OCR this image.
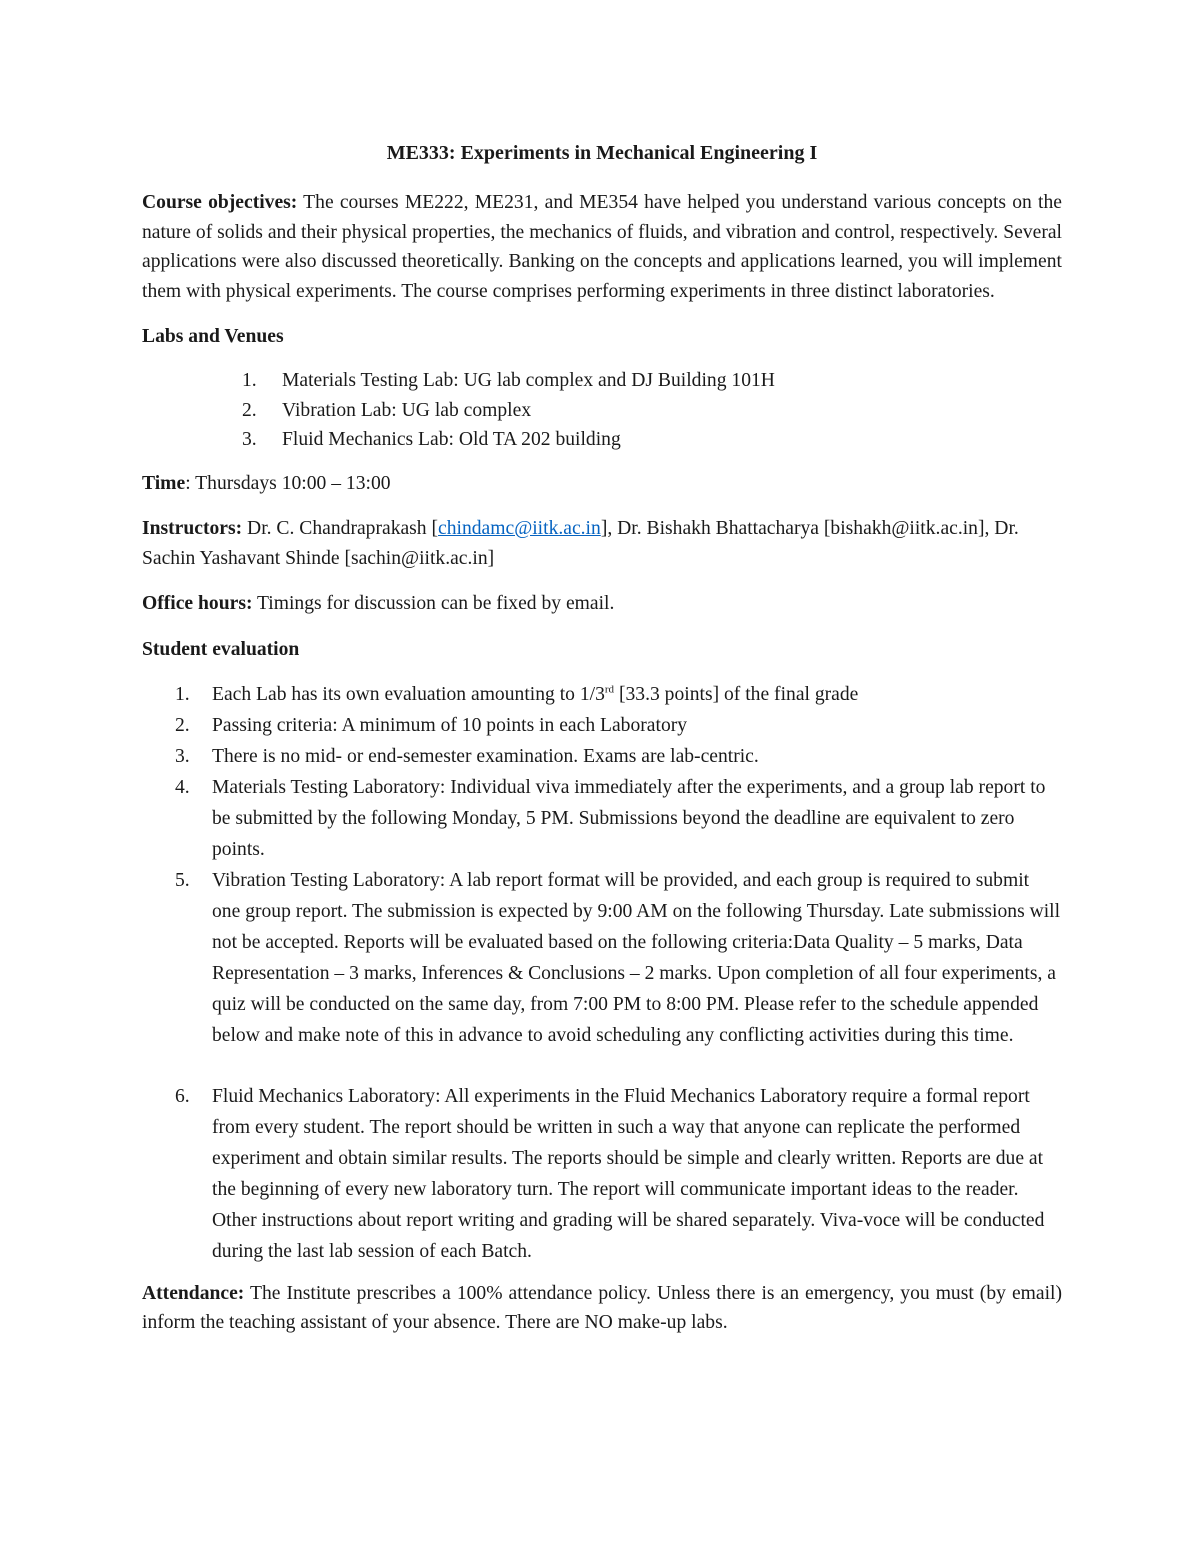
ME333: Experiments in Mechanical Engineering I

Course objectives: The courses ME222, ME231, and ME354 have helped you understand various concepts on the nature of solids and their physical properties, the mechanics of fluids, and vibration and control, respectively. Several applications were also discussed theoretically. Banking on the concepts and applications learned, you will implement them with physical experiments. The course comprises performing experiments in three distinct laboratories.

Labs and Venues
1. Materials Testing Lab: UG lab complex and DJ Building 101H
2. Vibration Lab: UG lab complex
3. Fluid Mechanics Lab: Old TA 202 building

Time: Thursdays 10:00 – 13:00

Instructors: Dr. C. Chandraprakash [chindamc@iitk.ac.in], Dr. Bishakh Bhattacharya [bishakh@iitk.ac.in], Dr. Sachin Yashavant Shinde [sachin@iitk.ac.in]

Office hours: Timings for discussion can be fixed by email.

Student evaluation
1. Each Lab has its own evaluation amounting to 1/3rd [33.3 points] of the final grade
2. Passing criteria: A minimum of 10 points in each Laboratory
3. There is no mid- or end-semester examination. Exams are lab-centric.
4. Materials Testing Laboratory: Individual viva immediately after the experiments, and a group lab report to be submitted by the following Monday, 5 PM. Submissions beyond the deadline are equivalent to zero points.
5. Vibration Testing Laboratory: A lab report format will be provided, and each group is required to submit one group report. The submission is expected by 9:00 AM on the following Thursday. Late submissions will not be accepted. Reports will be evaluated based on the following criteria:Data Quality – 5 marks, Data Representation – 3 marks, Inferences & Conclusions – 2 marks. Upon completion of all four experiments, a quiz will be conducted on the same day, from 7:00 PM to 8:00 PM. Please refer to the schedule appended below and make note of this in advance to avoid scheduling any conflicting activities during this time.
6. Fluid Mechanics Laboratory: All experiments in the Fluid Mechanics Laboratory require a formal report from every student. The report should be written in such a way that anyone can replicate the performed experiment and obtain similar results. The reports should be simple and clearly written. Reports are due at the beginning of every new laboratory turn. The report will communicate important ideas to the reader. Other instructions about report writing and grading will be shared separately. Viva-voce will be conducted during the last lab session of each Batch.

Attendance: The Institute prescribes a 100% attendance policy. Unless there is an emergency, you must (by email) inform the teaching assistant of your absence. There are NO make-up labs.
